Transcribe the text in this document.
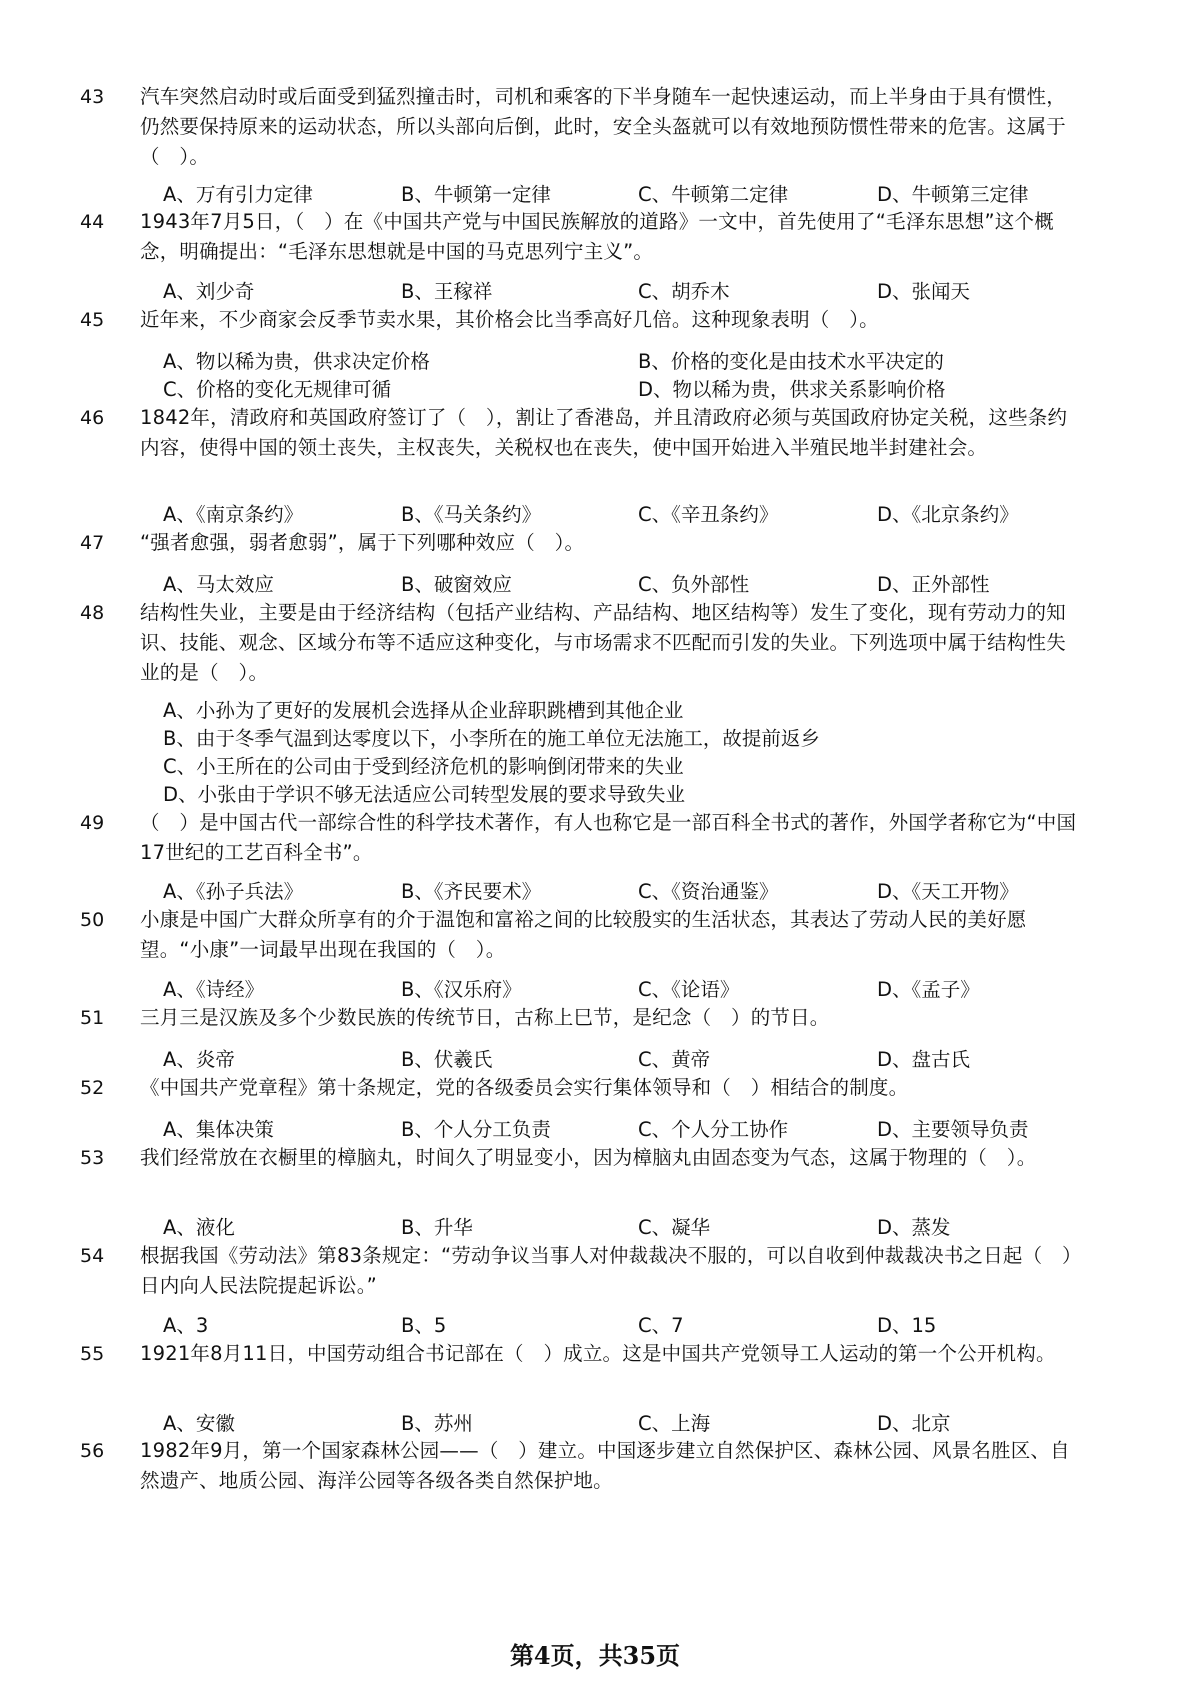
43 汽车突然启动时或后面受到猛烈撞击时，司机和乘客的下半身随车一起快速运动，而上半身由于具有惯性，仍然要保持原来的运动状态，所以头部向后倒，此时，安全头盔就可以有效地预防惯性带来的危害。这属于（　）。
A、万有引力定律	B、牛顿第一定律	C、牛顿第二定律	D、牛顿第三定律
44 1943年7月5日，（　）在《中国共产党与中国民族解放的道路》一文中，首先使用了“毛泽东思想”这个概念，明确提出：“毛泽东思想就是中国的马克思列宁主义”。
A、刘少奇	B、王稼祥	C、胡乔木	D、张闻天
45 近年来，不少商家会反季节卖水果，其价格会比当季高好几倍。这种现象表明（　）。
A、物以稀为贵，供求决定价格	B、价格的变化是由技术水平决定的
C、价格的变化无规律可循	D、物以稀为贵，供求关系影响价格
46 1842年，清政府和英国政府签订了（　），割让了香港岛，并且清政府必须与英国政府协定关税，这些条约内容，使得中国的领土丧失，主权丧失，关税权也在丧失，使中国开始进入半殖民地半封建社会。
A、《南京条约》	B、《马关条约》	C、《辛丑条约》	D、《北京条约》
47 “强者愈强，弱者愈弱”，属于下列哪种效应（　）。
A、马太效应	B、破窗效应	C、负外部性	D、正外部性
48 结构性失业，主要是由于经济结构（包括产业结构、产品结构、地区结构等）发生了变化，现有劳动力的知识、技能、观念、区域分布等不适应这种变化，与市场需求不匹配而引发的失业。下列选项中属于结构性失业的是（　）。
A、小孙为了更好的发展机会选择从企业辞职跳槽到其他企业
B、由于冬季气温到达零度以下，小李所在的施工单位无法施工，故提前返乡
C、小王所在的公司由于受到经济危机的影响倒闭带来的失业
D、小张由于学识不够无法适应公司转型发展的要求导致失业
49 （　）是中国古代一部综合性的科学技术著作，有人也称它是一部百科全书式的著作，外国学者称它为“中国17世纪的工艺百科全书”。
A、《孙子兵法》	B、《齐民要术》	C、《资治通鉴》	D、《天工开物》
50 小康是中国广大群众所享有的介于温饱和富裕之间的比较殷实的生活状态，其表达了劳动人民的美好愿望。“小康”一词最早出现在我国的（　）。
A、《诗经》	B、《汉乐府》	C、《论语》	D、《孟子》
51 三月三是汉族及多个少数民族的传统节日，古称上巳节，是纪念（　）的节日。
A、炎帝	B、伏羲氏	C、黄帝	D、盘古氏
52 《中国共产党章程》第十条规定，党的各级委员会实行集体领导和（　）相结合的制度。
A、集体决策	B、个人分工负责	C、个人分工协作	D、主要领导负责
53 我们经常放在衣橱里的樟脑丸，时间久了明显变小，因为樟脑丸由固态变为气态，这属于物理的（　）。
A、液化	B、升华	C、凝华	D、蒸发
54 根据我国《劳动法》第83条规定：“劳动争议当事人对仲裁裁决不服的，可以自收到仲裁裁决书之日起（　）日内向人民法院提起诉讼。”
A、3	B、5	C、7	D、15
55 1921年8月11日，中国劳动组合书记部在（　）成立。这是中国共产党领导工人运动的第一个公开机构。
A、安徽	B、苏州	C、上海	D、北京
56 1982年9月，第一个国家森林公园——（　）建立。中国逐步建立自然保护区、森林公园、风景名胜区、自然遗产、地质公园、海洋公园等各级各类自然保护地。
第4页，共35页
